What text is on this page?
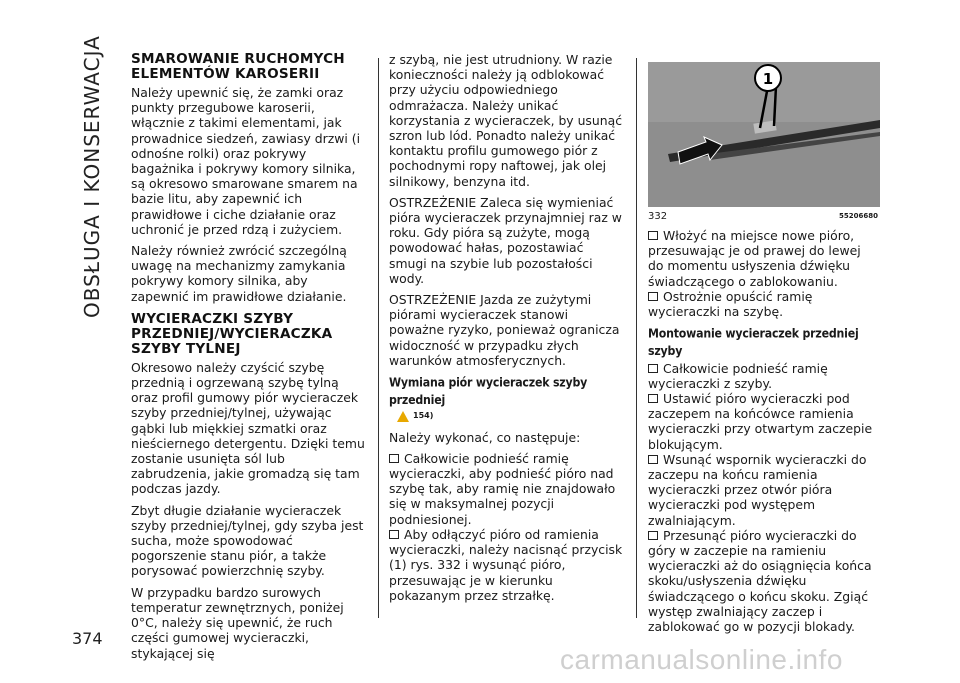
OBSŁUGA I KONSERWACJA
374
SMAROWANIE RUCHOMYCH ELEMENTÓW KAROSERII

Należy upewnić się, że zamki oraz punkty przegubowe karoserii, włącznie z takimi elementami, jak prowadnice siedzeń, zawiasy drzwi (i odnośne rolki) oraz pokrywy bagażnika i pokrywy komory silnika, są okresowo smarowane smarem na bazie litu, aby zapewnić ich prawidłowe i ciche działanie oraz uchronić je przed rdzą i zużyciem.

Należy również zwrócić szczególną uwagę na mechanizmy zamykania pokrywy komory silnika, aby zapewnić im prawidłowe działanie.

WYCIERACZKI SZYBY PRZEDNIEJ/WYCIERACZKA SZYBY TYLNEJ

Okresowo należy czyścić szybę przednią i ogrzewaną szybę tylną oraz profil gumowy piór wycieraczek szyby przedniej/tylnej, używając gąbki lub miękkiej szmatki oraz nieściernego detergentu. Dzięki temu zostanie usunięta sól lub zabrudzenia, jakie gromadzą się tam podczas jazdy.

Zbyt długie działanie wycieraczek szyby przedniej/tylnej, gdy szyba jest sucha, może spowodować pogorszenie stanu piór, a także porysować powierzchnię szyby.

W przypadku bardzo surowych temperatur zewnętrznych, poniżej 0°C, należy się upewnić, że ruch części gumowej wycieraczki, stykającej się

z szybą, nie jest utrudniony. W razie konieczności należy ją odblokować przy użyciu odpowiedniego odmrażacza. Należy unikać korzystania z wycieraczek, by usunąć szron lub lód. Ponadto należy unikać kontaktu profilu gumowego piór z pochodnymi ropy naftowej, jak olej silnikowy, benzyna itd.

OSTRZEŻENIE Zaleca się wymieniać pióra wycieraczek przynajmniej raz w roku. Gdy pióra są zużyte, mogą powodować hałas, pozostawiać smugi na szybie lub pozostałości wody.

OSTRZEŻENIE Jazda ze zużytymi piórami wycieraczek stanowi poważne ryzyko, ponieważ ogranicza widoczność w przypadku złych warunków atmosferycznych.

Wymiana piór wycieraczek szyby przedniej
154)

Należy wykonać, co następuje:

Całkowicie podnieść ramię wycieraczki, aby podnieść pióro nad szybę tak, aby ramię nie znajdowało się w maksymalnej pozycji podniesionej.
Aby odłączyć pióro od ramienia wycieraczki, należy nacisnąć przycisk (1) rys. 332 i wysunąć pióro, przesuwając je w kierunku pokazanym przez strzałkę.
1
332	55206680
Włożyć na miejsce nowe pióro, przesuwając je od prawej do lewej do momentu usłyszenia dźwięku świadczącego o zablokowaniu.
Ostrożnie opuścić ramię wycieraczki na szybę.
Montowanie wycieraczek przedniej szyby
Całkowicie podnieść ramię wycieraczki z szyby.
Ustawić pióro wycieraczki pod zaczepem na końcówce ramienia wycieraczki przy otwartym zaczepie blokującym.
Wsunąć wspornik wycieraczki do zaczepu na końcu ramienia wycieraczki przez otwór pióra wycieraczki pod występem zwalniającym.
Przesunąć pióro wycieraczki do góry w zaczepie na ramieniu wycieraczki aż do osiągnięcia końca skoku/usłyszenia dźwięku świadczącego o końcu skoku. Zgiąć występ zwalniający zaczep i zablokować go w pozycji blokady.
carmanualsonline.info
